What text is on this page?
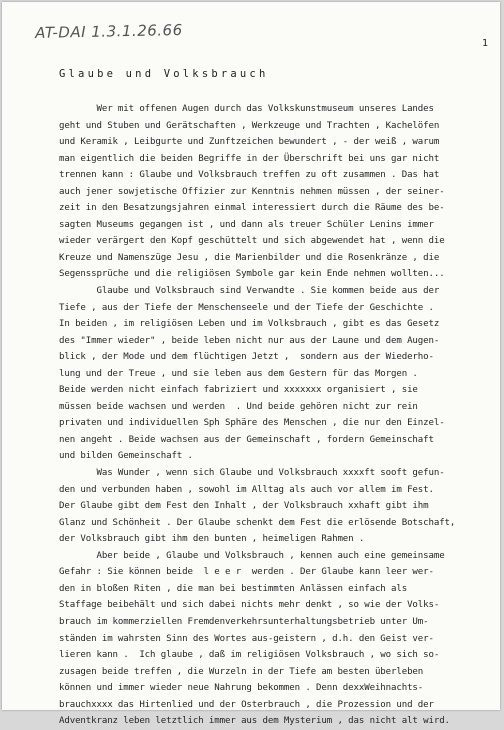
AT-DAI 1.3.1.26.66
1
Glaube und Volksbrauch
Wer mit offenen Augen durch das Volkskunstmuseum unseres Landes
geht und Stuben und Gerätschaften , Werkzeuge und Trachten , Kachelöfen
und Keramik , Leibgurte und Zunftzeichen bewundert , - der weiß , warum
man eigentlich die beiden Begriffe in der Überschrift bei uns gar nicht
trennen kann : Glaube und Volksbrauch treffen zu oft zusammen . Das hat
auch jener sowjetische Offizier zur Kenntnis nehmen müssen , der seiner-
zeit in den Besatzungsjahren einmal interessiert durch die Räume des be-
sagten Museums gegangen ist , und dann als treuer Schüler Lenins immer
wieder verärgert den Kopf geschüttelt und sich abgewendet hat , wenn die
Kreuze und Namenszüge Jesu , die Marienbilder und die Rosenkränze , die
Segenssprüche und die religiösen Symbole gar kein Ende nehmen wollten...
Glaube und Volksbrauch sind Verwandte . Sie kommen beide aus der
Tiefe , aus der Tiefe der Menschenseele und der Tiefe der Geschichte .
In beiden , im religiösen Leben und im Volksbrauch , gibt es das Gesetz
des "Immer wieder" , beide leben nicht nur aus der Laune und dem Augen-
blick , der Mode und dem flüchtigen Jetzt ,  sondern aus der Wiederho-
lung und der Treue , und sie leben aus dem Gestern für das Morgen .
Beide werden nicht einfach fabriziert und xxxxxxx organisiert , sie
müssen beide wachsen und werden  . Und beide gehören nicht zur rein
privaten und individuellen Sph Sphäre des Menschen , die nur den Einzel-
nen angeht . Beide wachsen aus der Gemeinschaft , fordern Gemeinschaft
und bilden Gemeinschaft .
Was Wunder , wenn sich Glaube und Volksbrauch xxxxft sooft gefun-
den und verbunden haben , sowohl im Alltag als auch vor allem im Fest.
Der Glaube gibt dem Fest den Inhalt , der Volksbrauch xxhaft gibt ihm
Glanz und Schönheit . Der Glaube schenkt dem Fest die erlösende Botschaft,
der Volksbrauch gibt ihm den bunten , heimeligen Rahmen .
Aber beide , Glaube und Volksbrauch , kennen auch eine gemeinsame
Gefahr : Sie können beide  l e e r  werden . Der Glaube kann leer wer-
den in bloßen Riten , die man bei bestimmten Anlässen einfach als
Staffage beibehält und sich dabei nichts mehr denkt , so wie der Volks-
brauch im kommerziellen Fremdenverkehrsunterhaltungsbetrieb unter Um-
ständen im wahrsten Sinn des Wortes aus-geistern , d.h. den Geist ver-
lieren kann .  Ich glaube , daß im religiösen Volksbrauch , wo sich so-
zusagen beide treffen , die Wurzeln in der Tiefe am besten überleben
können und immer wieder neue Nahrung bekommen . Denn dexxWeihnachts-
brauchxxxx das Hirtenlied und der Osterbrauch , die Prozession und der
Adventkranz leben letztlich immer aus dem Mysterium , das nicht alt wird.
